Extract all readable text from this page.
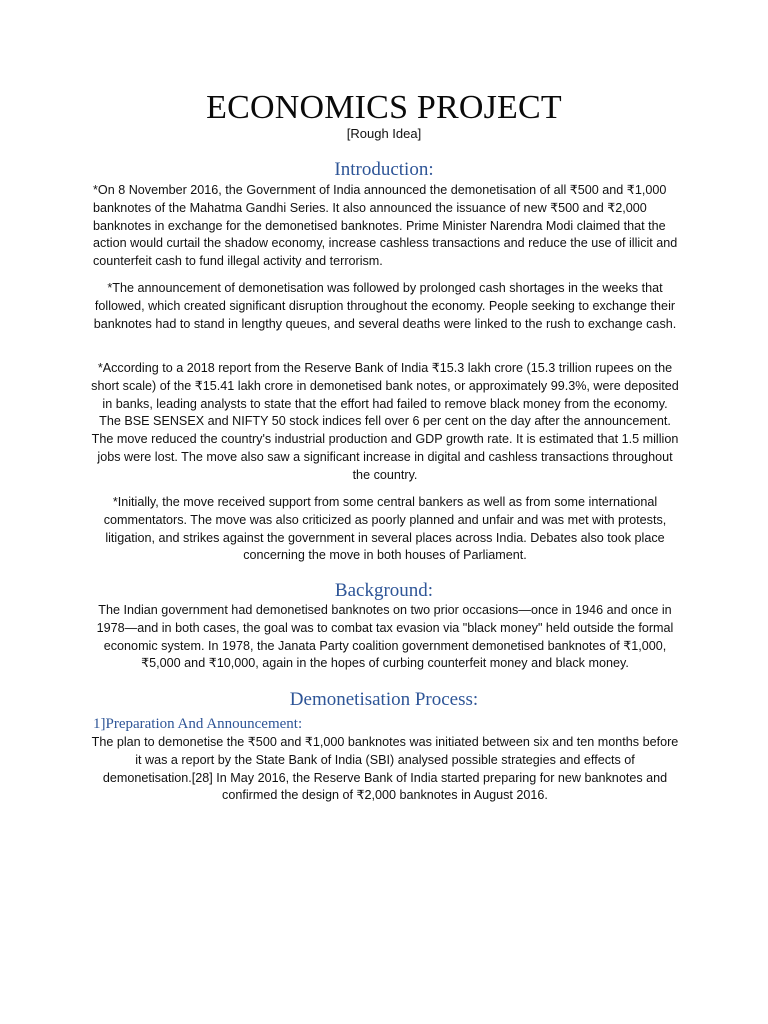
ECONOMICS PROJECT
[Rough Idea]
Introduction:

*On 8 November 2016, the Government of India announced the demonetisation of all ₹500 and ₹1,000 banknotes of the Mahatma Gandhi Series. It also announced the issuance of new ₹500 and ₹2,000 banknotes in exchange for the demonetised banknotes. Prime Minister Narendra Modi claimed that the action would curtail the shadow economy, increase cashless transactions and reduce the use of illicit and counterfeit cash to fund illegal activity and terrorism.

*The announcement of demonetisation was followed by prolonged cash shortages in the weeks that followed, which created significant disruption throughout the economy. People seeking to exchange their banknotes had to stand in lengthy queues, and several deaths were linked to the rush to exchange cash.

*According to a 2018 report from the Reserve Bank of India ₹15.3 lakh crore (15.3 trillion rupees on the short scale) of the ₹15.41 lakh crore in demonetised bank notes, or approximately 99.3%, were deposited in banks, leading analysts to state that the effort had failed to remove black money from the economy. The BSE SENSEX and NIFTY 50 stock indices fell over 6 per cent on the day after the announcement. The move reduced the country's industrial production and GDP growth rate. It is estimated that 1.5 million jobs were lost. The move also saw a significant increase in digital and cashless transactions throughout the country.

*Initially, the move received support from some central bankers as well as from some international commentators. The move was also criticized as poorly planned and unfair and was met with protests, litigation, and strikes against the government in several places across India. Debates also took place concerning the move in both houses of Parliament.

Background:

The Indian government had demonetised banknotes on two prior occasions—once in 1946 and once in 1978—and in both cases, the goal was to combat tax evasion via "black money" held outside the formal economic system. In 1978, the Janata Party coalition government demonetised banknotes of ₹1,000, ₹5,000 and ₹10,000, again in the hopes of curbing counterfeit money and black money.

Demonetisation Process:
1]Preparation And Announcement:

The plan to demonetise the ₹500 and ₹1,000 banknotes was initiated between six and ten months before it was a report by the State Bank of India (SBI) analysed possible strategies and effects of demonetisation.[28] In May 2016, the Reserve Bank of India started preparing for new banknotes and confirmed the design of ₹2,000 banknotes in August 2016.
